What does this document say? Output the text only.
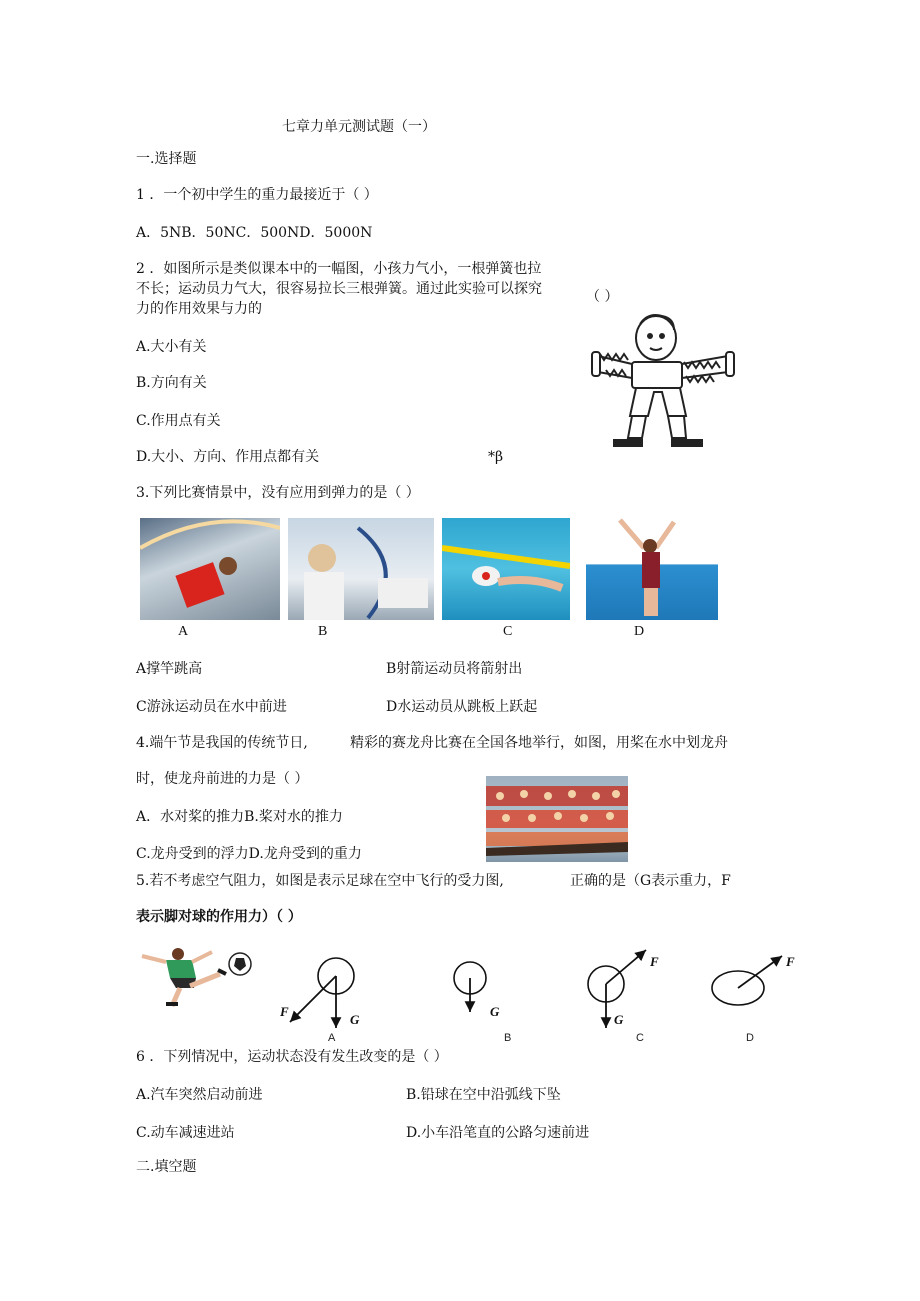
七章力单元测试题（一）
一.选择题
1 ．一个初中学生的重力最接近于（ ）
A．5NB．50NC．500ND．5000N
2 ．如图所示是类似课本中的一幅图，小孩力气小，一根弹簧也拉
不长；运动员力气大，很容易拉长三根弹簧。通过此实验可以探究
力的作用效果与力的
（ ）
A.大小有关
B.方向有关
C.作用点有关
D.大小、方向、作用点都有关	*β
3.下列比赛情景中，没有应用到弹力的是（ ）
A	B	C	D
A撑竿跳高	B射箭运动员将箭射出
C游泳运动员在水中前进	D水运动员从跳板上跃起
4.端午节是我国的传统节日,	精彩的赛龙舟比赛在全国各地举行，如图，用桨在水中划龙舟
时，使龙舟前进的力是（ ）
A．水对桨的推力B.桨对水的推力
C.龙舟受到的浮力D.龙舟受到的重力
5.若不考虑空气阻力，如图是表示足球在空中飞行的受力图,	正确的是（G表示重力，F
表示脚对球的作用力）（ ）
F
G
A
G
B
F
G
C
F
D
6 ．下列情况中，运动状态没有发生改变的是（ ）
A.汽车突然启动前进	B.铅球在空中沿弧线下坠
C.动车减速进站	D.小车沿笔直的公路匀速前进
二.填空题
